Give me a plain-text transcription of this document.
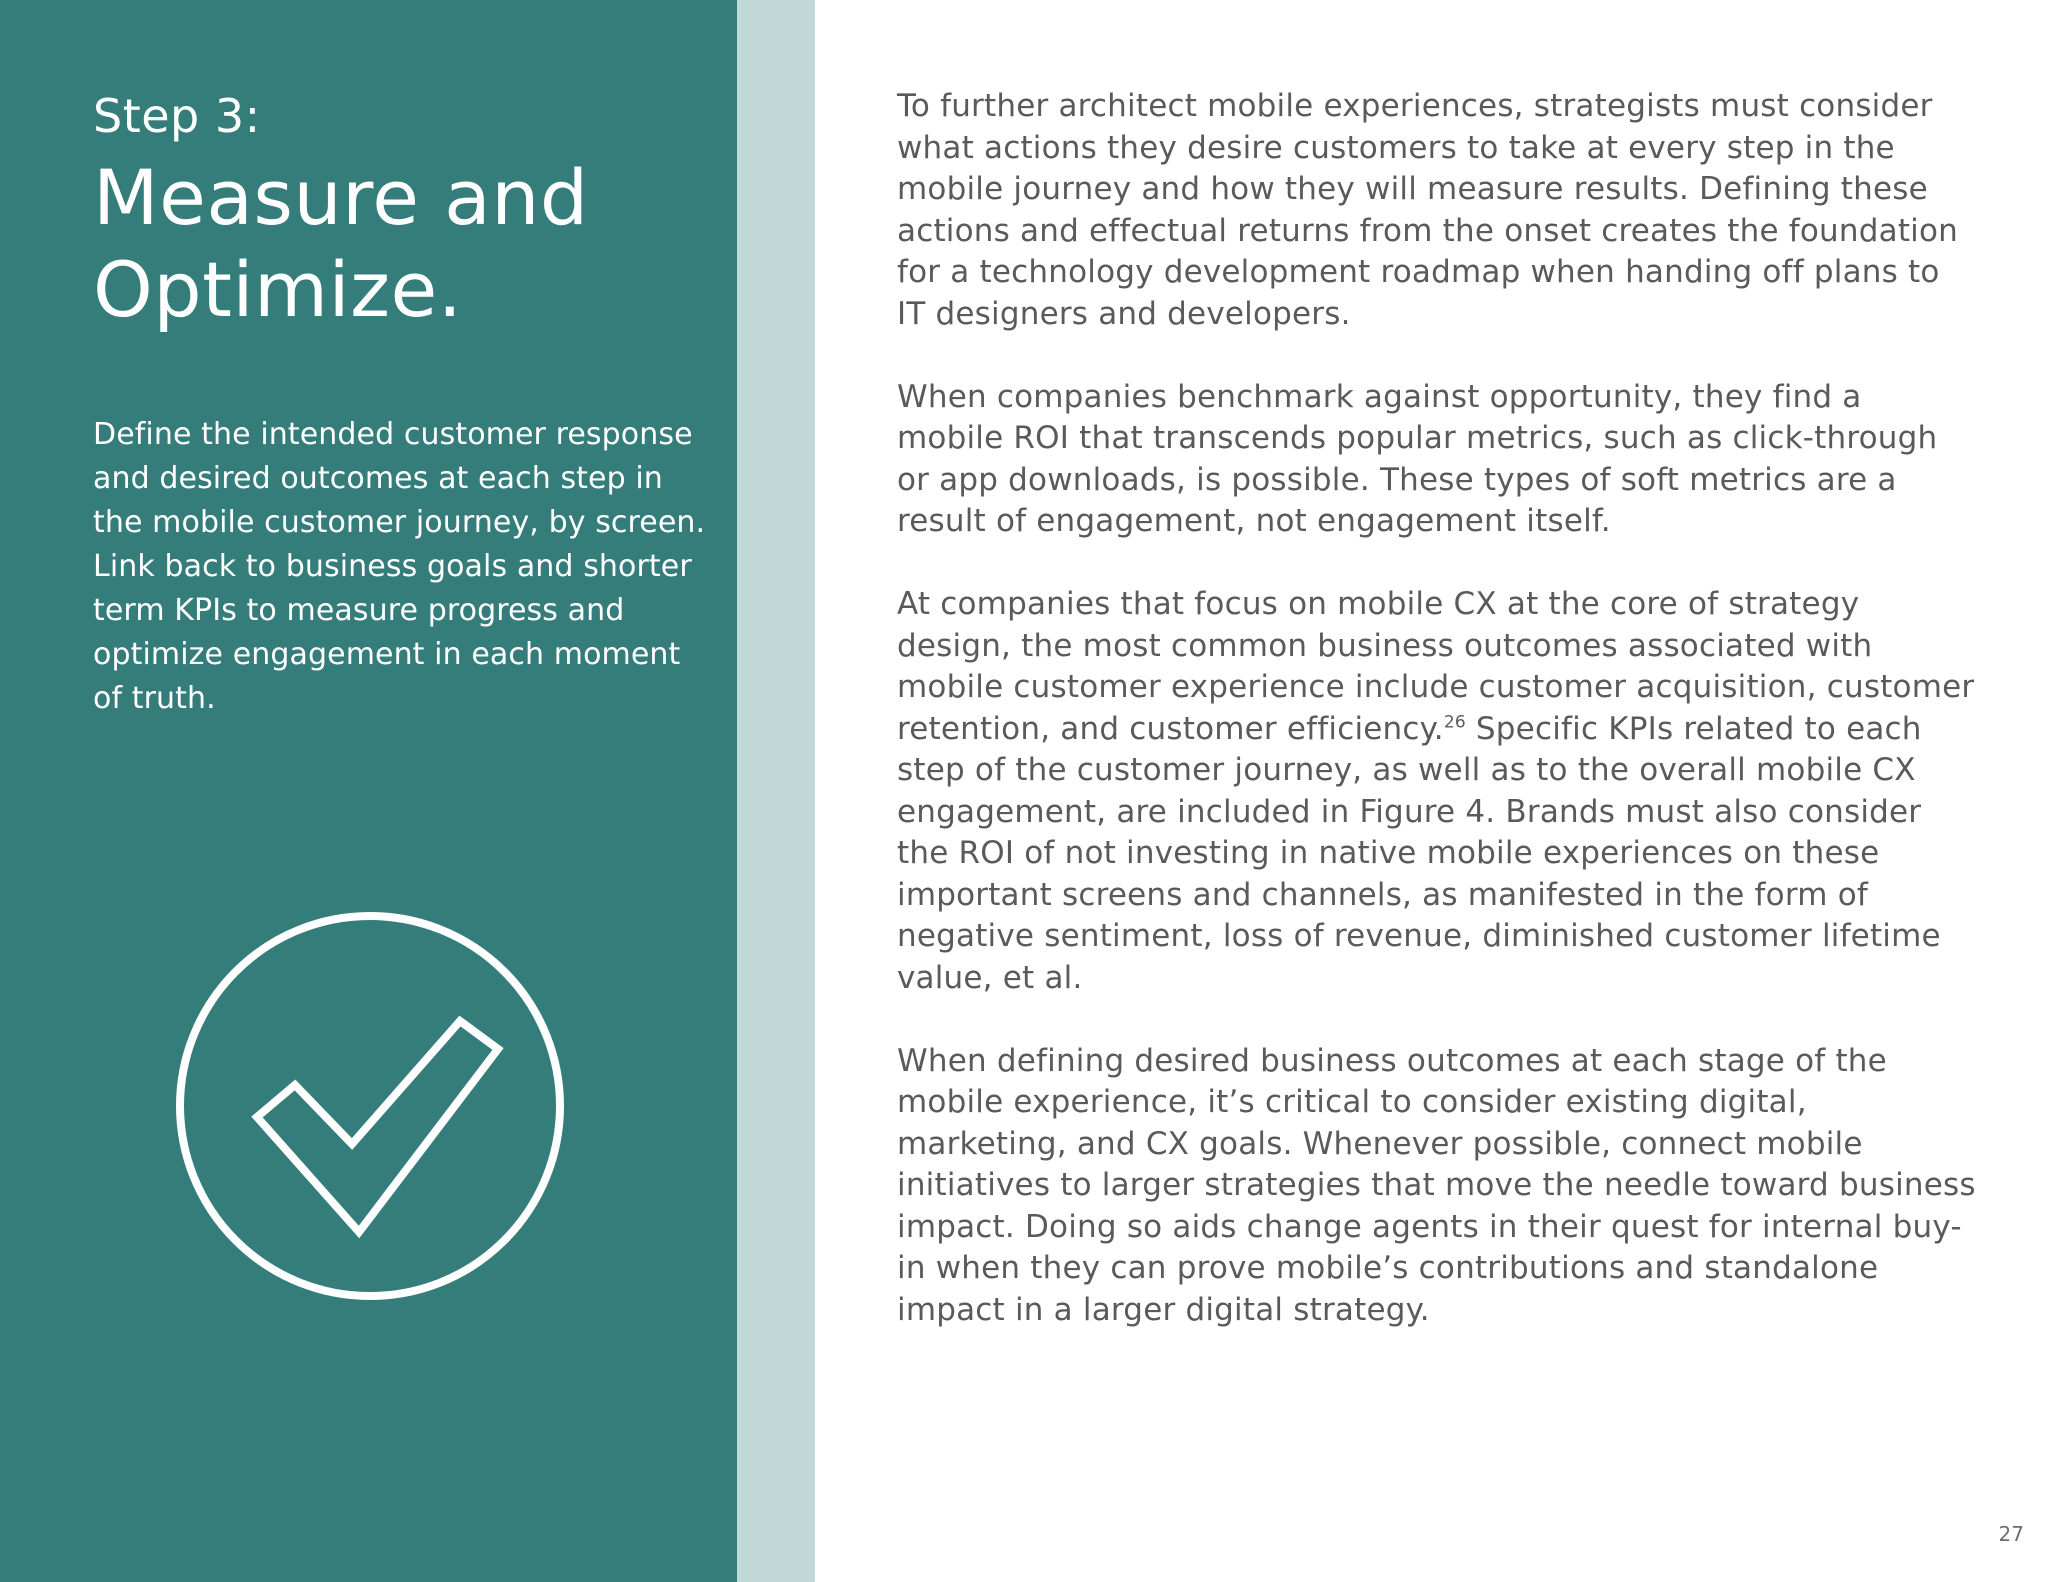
Step 3:
Measure and Optimize.

Define the intended customer response and desired outcomes at each step in the mobile customer journey, by screen. Link back to business goals and shorter term KPIs to measure progress and optimize engagement in each moment of truth.

To further architect mobile experiences, strategists must consider what actions they desire customers to take at every step in the mobile journey and how they will measure results. Defining these actions and effectual returns from the onset creates the foundation for a technology development roadmap when handing off plans to IT designers and developers.

When companies benchmark against opportunity, they find a mobile ROI that transcends popular metrics, such as click-through or app downloads, is possible. These types of soft metrics are a result of engagement, not engagement itself.

At companies that focus on mobile CX at the core of strategy design, the most common business outcomes associated with mobile customer experience include customer acquisition, customer retention, and customer efficiency.$^{26}$ Specific KPIs related to each step of the customer journey, as well as to the overall mobile CX engagement, are included in Figure 4. Brands must also consider the ROI of not investing in native mobile experiences on these important screens and channels, as manifested in the form of negative sentiment, loss of revenue, diminished customer lifetime value, et al.

When defining desired business outcomes at each stage of the mobile experience, it’s critical to consider existing digital, marketing, and CX goals. Whenever possible, connect mobile initiatives to larger strategies that move the needle toward business impact. Doing so aids change agents in their quest for internal buy-in when they can prove mobile’s contributions and standalone impact in a larger digital strategy.

27
